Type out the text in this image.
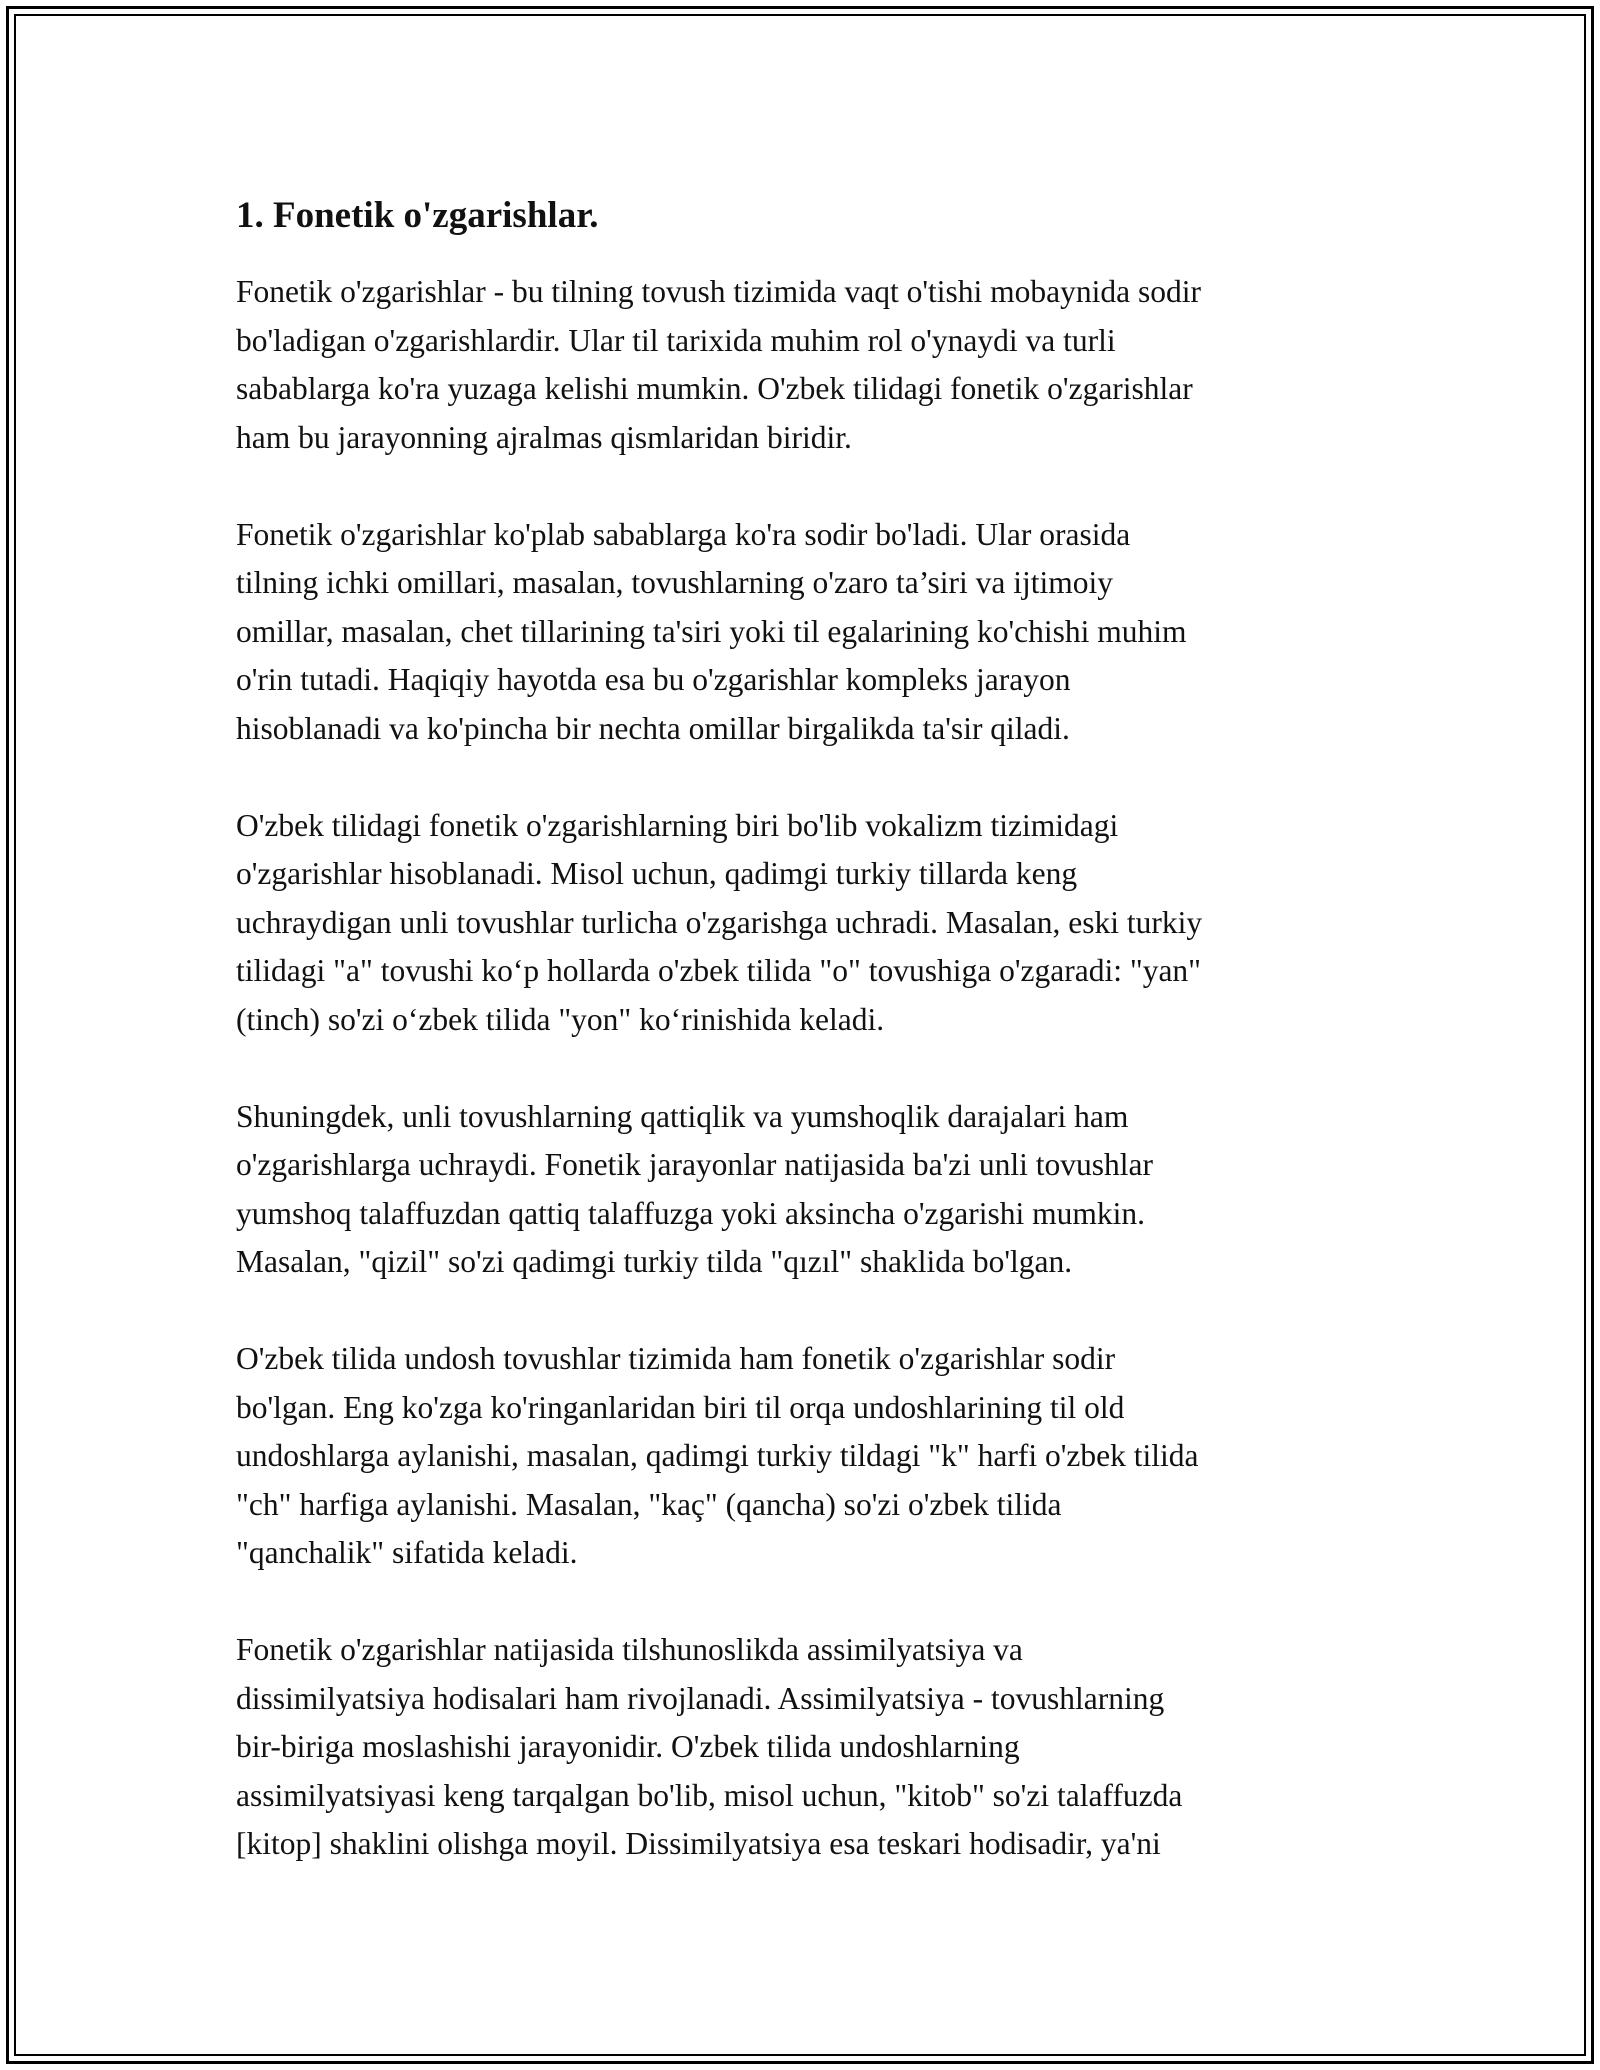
1. Fonetik o'zgarishlar.

Fonetik o'zgarishlar - bu tilning tovush tizimida vaqt o'tishi mobaynida sodir
bo'ladigan o'zgarishlardir. Ular til tarixida muhim rol o'ynaydi va turli
sabablarga ko'ra yuzaga kelishi mumkin. O'zbek tilidagi fonetik o'zgarishlar
ham bu jarayonning ajralmas qismlaridan biridir.

Fonetik o'zgarishlar ko'plab sabablarga ko'ra sodir bo'ladi. Ular orasida
tilning ichki omillari, masalan, tovushlarning o'zaro ta’siri va ijtimoiy
omillar, masalan, chet tillarining ta'siri yoki til egalarining ko'chishi muhim
o'rin tutadi. Haqiqiy hayotda esa bu o'zgarishlar kompleks jarayon
hisoblanadi va ko'pincha bir nechta omillar birgalikda ta'sir qiladi.

O'zbek tilidagi fonetik o'zgarishlarning biri bo'lib vokalizm tizimidagi
o'zgarishlar hisoblanadi. Misol uchun, qadimgi turkiy tillarda keng
uchraydigan unli tovushlar turlicha o'zgarishga uchradi. Masalan, eski turkiy
tilidagi "a" tovushi ko‘p hollarda o'zbek tilida "o" tovushiga o'zgaradi: "yan"
(tinch) so'zi o‘zbek tilida "yon" ko‘rinishida keladi.

Shuningdek, unli tovushlarning qattiqlik va yumshoqlik darajalari ham
o'zgarishlarga uchraydi. Fonetik jarayonlar natijasida ba'zi unli tovushlar
yumshoq talaffuzdan qattiq talaffuzga yoki aksincha o'zgarishi mumkin.
Masalan, "qizil" so'zi qadimgi turkiy tilda "qızıl" shaklida bo'lgan.

O'zbek tilida undosh tovushlar tizimida ham fonetik o'zgarishlar sodir
bo'lgan. Eng ko'zga ko'ringanlaridan biri til orqa undoshlarining til old
undoshlarga aylanishi, masalan, qadimgi turkiy tildagi "k" harfi o'zbek tilida
"ch" harfiga aylanishi. Masalan, "kaç" (qancha) so'zi o'zbek tilida
"qanchalik" sifatida keladi.

Fonetik o'zgarishlar natijasida tilshunoslikda assimilyatsiya va
dissimilyatsiya hodisalari ham rivojlanadi. Assimilyatsiya - tovushlarning
bir-biriga moslashishi jarayonidir. O'zbek tilida undoshlarning
assimilyatsiyasi keng tarqalgan bo'lib, misol uchun, "kitob" so'zi talaffuzda
[kitop] shaklini olishga moyil. Dissimilyatsiya esa teskari hodisadir, ya'ni
